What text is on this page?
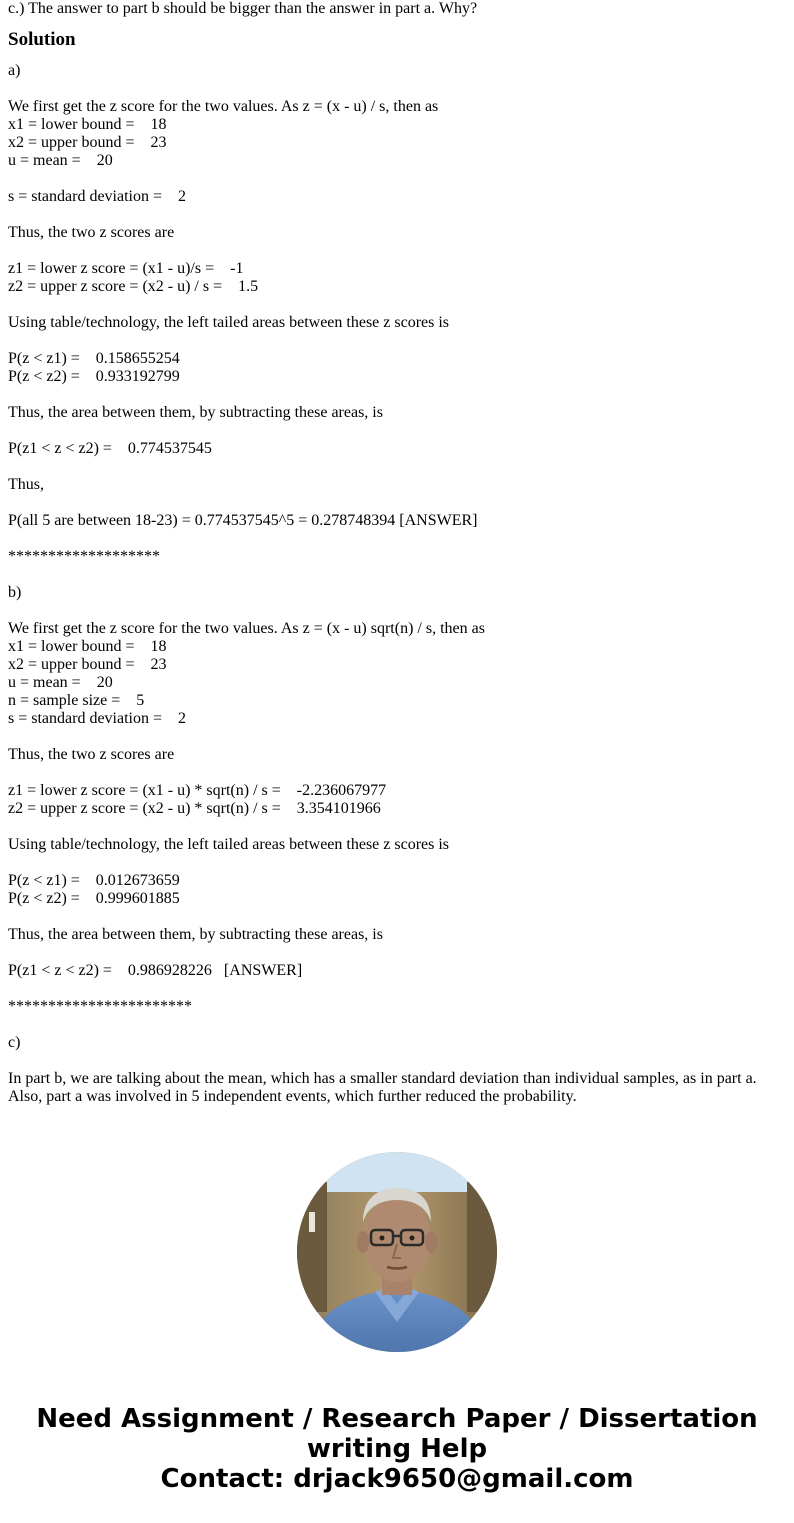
c.) The answer to part b should be bigger than the answer in part a. Why?
Solution
a)
We first get the z score for the two values. As z = (x - u) / s, then as
x1 = lower bound =    18
x2 = upper bound =    23
u = mean =    20
s = standard deviation =    2
Thus, the two z scores are
z1 = lower z score = (x1 - u)/s =    -1
z2 = upper z score = (x2 - u) / s =    1.5
Using table/technology, the left tailed areas between these z scores is
P(z < z1) =    0.158655254
P(z < z2) =    0.933192799
Thus, the area between them, by subtracting these areas, is
P(z1 < z < z2) =    0.774537545
Thus,
P(all 5 are between 18-23) = 0.774537545^5 = 0.278748394 [ANSWER]
*******************
b)
We first get the z score for the two values. As z = (x - u) sqrt(n) / s, then as
x1 = lower bound =    18
x2 = upper bound =    23
u = mean =    20
n = sample size =    5
s = standard deviation =    2
Thus, the two z scores are
z1 = lower z score = (x1 - u) * sqrt(n) / s =    -2.236067977
z2 = upper z score = (x2 - u) * sqrt(n) / s =    3.354101966
Using table/technology, the left tailed areas between these z scores is
P(z < z1) =    0.012673659
P(z < z2) =    0.999601885
Thus, the area between them, by subtracting these areas, is
P(z1 < z < z2) =    0.986928226   [ANSWER]
***********************
c)
In part b, we are talking about the mean, which has a smaller standard deviation than individual samples, as in part a.
Also, part a was involved in 5 independent events, which further reduced the probability.
Need Assignment / Research Paper / Dissertation
writing Help
Contact: drjack9650@gmail.com
